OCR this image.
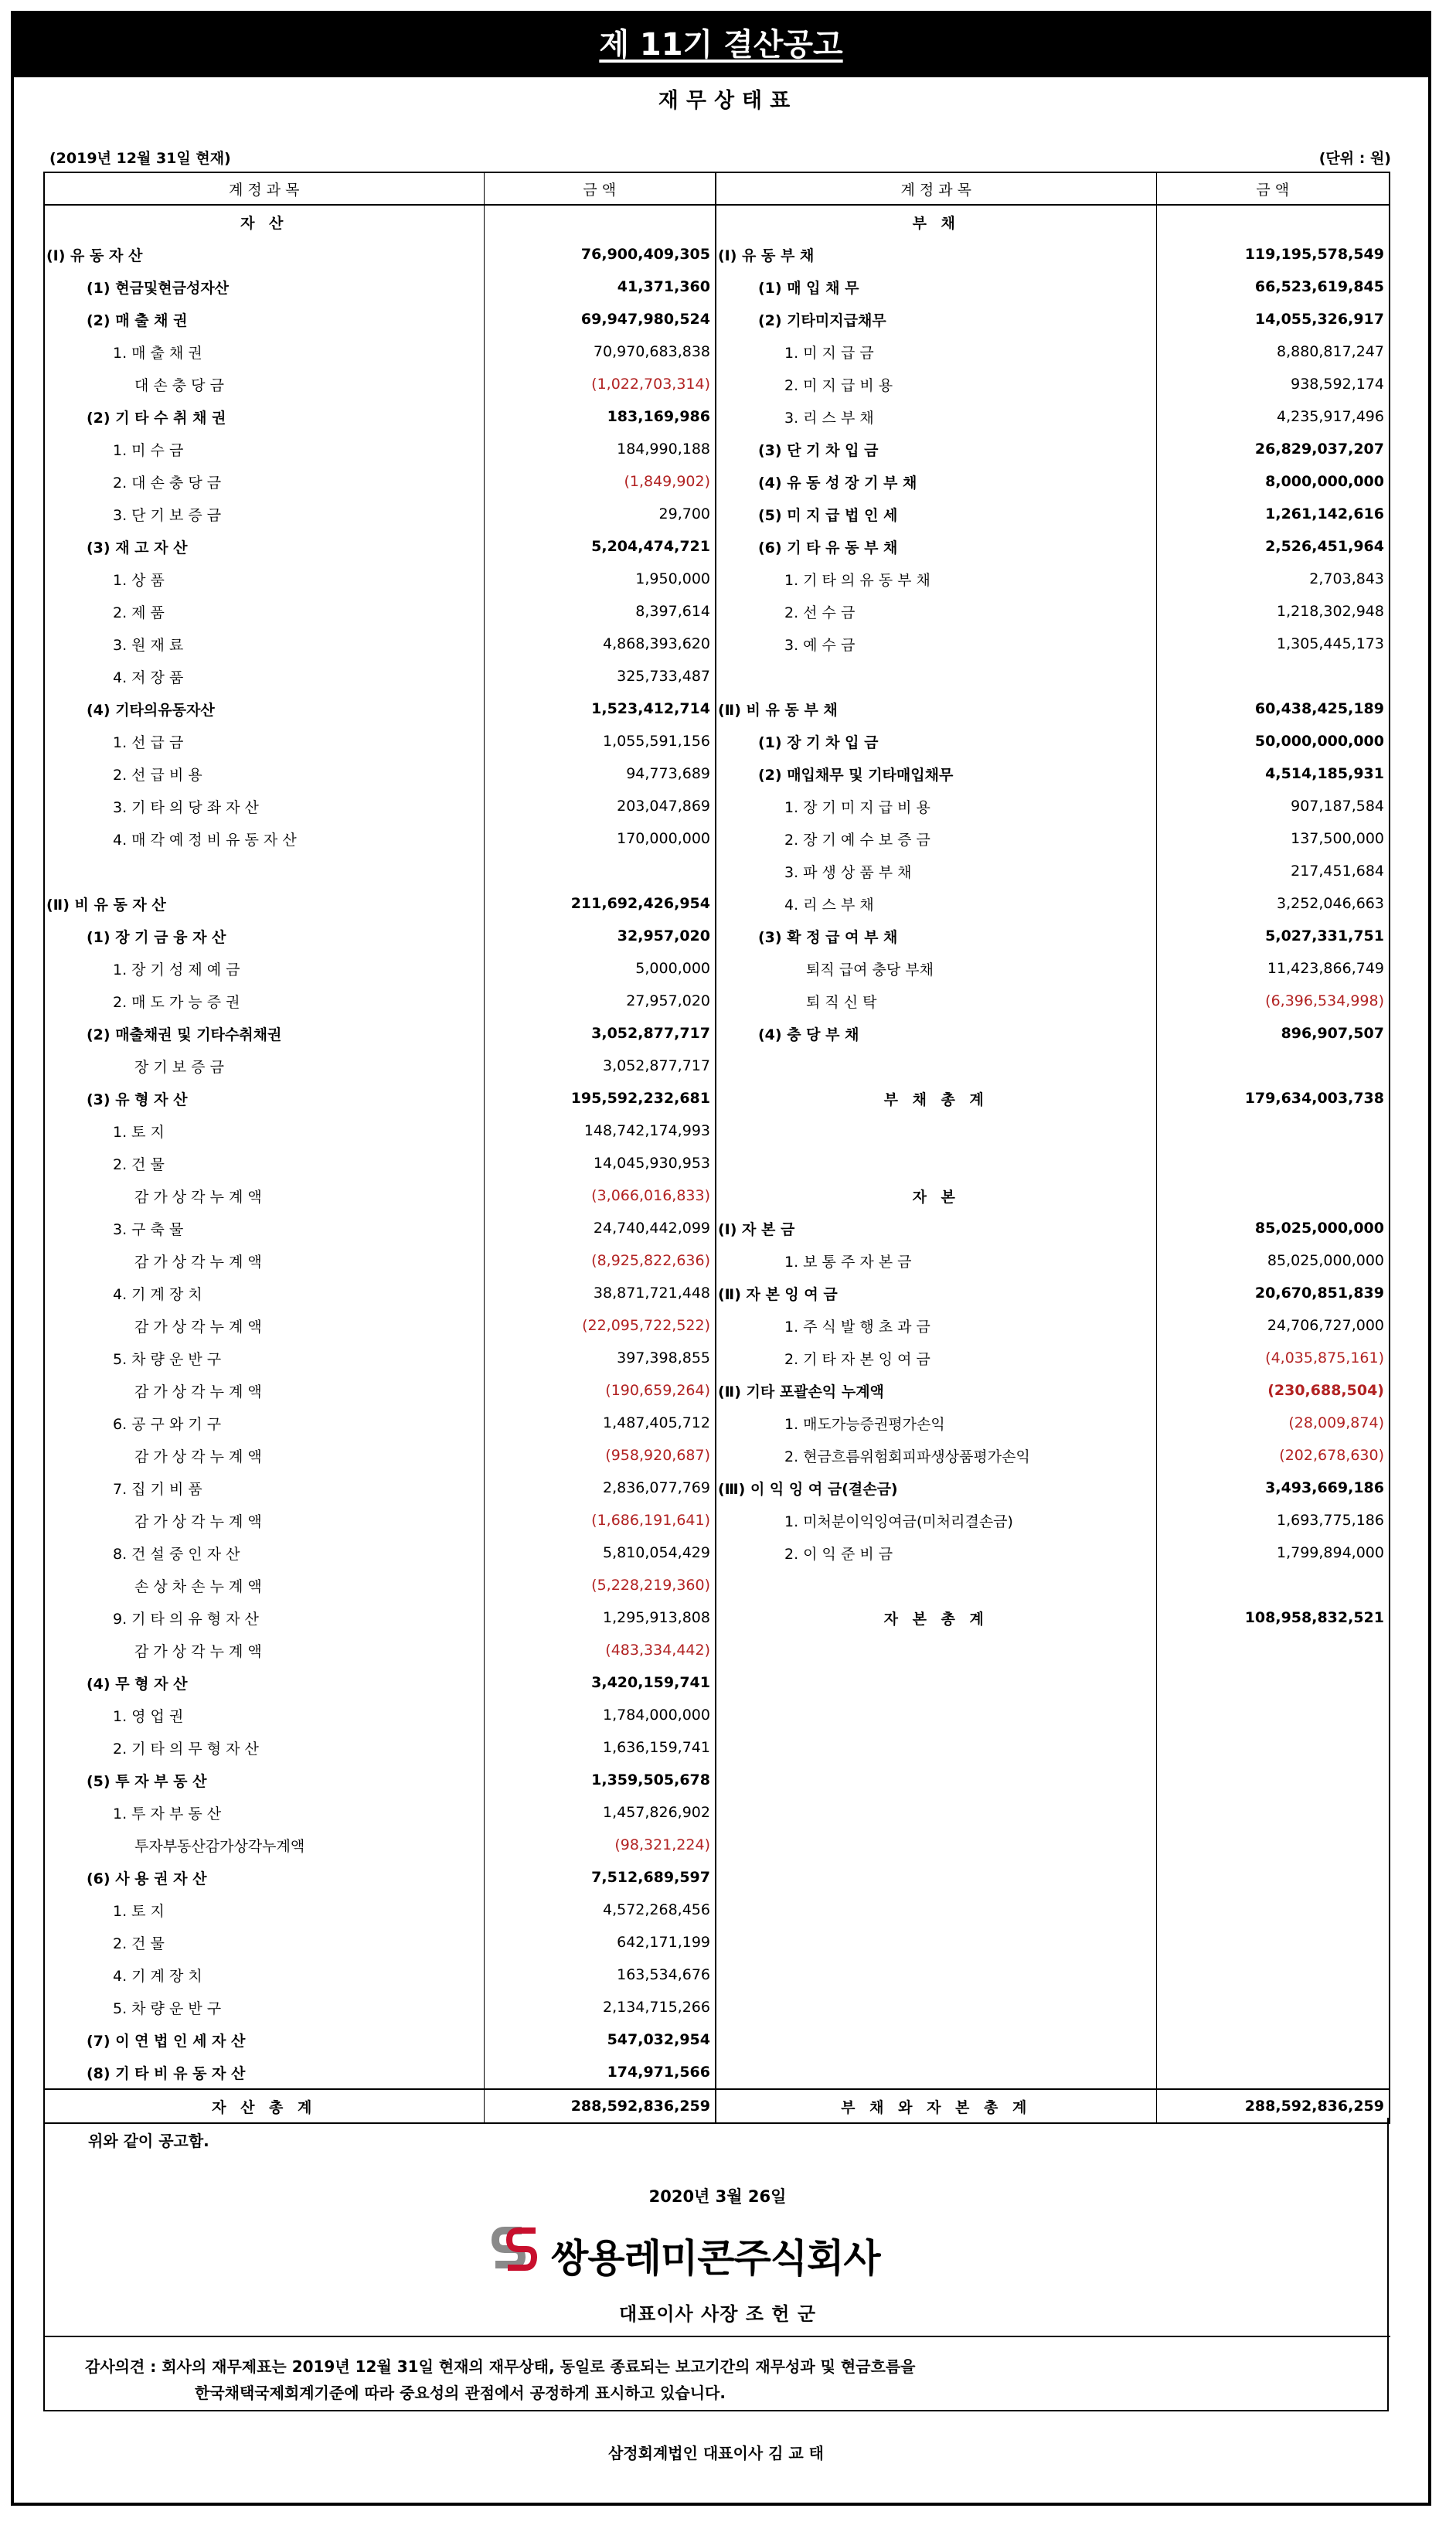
제 11기 결산공고
재무상태표
(2019년 12월 31일 현재)	(단위 : 원)
계 정 과 목	금 액	계 정 과 목	금 액
자 산		부 채	
(Ⅰ) 유 동 자 산	76,900,409,305	(Ⅰ) 유 동 부 채	119,195,578,549
(1) 현금및현금성자산	41,371,360	(1) 매 입 채 무	66,523,619,845
(2) 매 출 채 권	69,947,980,524	(2) 기타미지급채무	14,055,326,917
1. 매 출 채 권	70,970,683,838	1. 미 지 급 금	8,880,817,247
대 손 충 당 금	(1,022,703,314)	2. 미 지 급 비 용	938,592,174
(2) 기 타 수 취 채 권	183,169,986	3. 리 스 부 채	4,235,917,496
1. 미 수 금	184,990,188	(3) 단 기 차 입 금	26,829,037,207
2. 대 손 충 당 금	(1,849,902)	(4) 유 동 성 장 기 부 채	8,000,000,000
3. 단 기 보 증 금	29,700	(5) 미 지 급 법 인 세	1,261,142,616
(3) 재 고 자 산	5,204,474,721	(6) 기 타 유 동 부 채	2,526,451,964
1. 상 품	1,950,000	1. 기 타 의 유 동 부 채	2,703,843
2. 제 품	8,397,614	2. 선 수 금	1,218,302,948
3. 원 재 료	4,868,393,620	3. 예 수 금	1,305,445,173
4. 저 장 품	325,733,487		
(4) 기타의유동자산	1,523,412,714	(Ⅱ) 비 유 동 부 채	60,438,425,189
1. 선 급 금	1,055,591,156	(1) 장 기 차 입 금	50,000,000,000
2. 선 급 비 용	94,773,689	(2) 매입채무 및 기타매입채무	4,514,185,931
3. 기 타 의 당 좌 자 산	203,047,869	1. 장 기 미 지 급 비 용	907,187,584
4. 매 각 예 정 비 유 동 자 산	170,000,000	2. 장 기 예 수 보 증 금	137,500,000
		3. 파 생 상 품 부 채	217,451,684
(Ⅱ) 비 유 동 자 산	211,692,426,954	4. 리 스 부 채	3,252,046,663
(1) 장 기 금 융 자 산	32,957,020	(3) 확 정 급 여 부 채	5,027,331,751
1. 장 기 성 제 예 금	5,000,000	퇴직 급여 충당 부채	11,423,866,749
2. 매 도 가 능 증 권	27,957,020	퇴 직 신 탁	(6,396,534,998)
(2) 매출채권 및 기타수취채권	3,052,877,717	(4) 충 당 부 채	896,907,507
장 기 보 증 금	3,052,877,717		
(3) 유 형 자 산	195,592,232,681	부 채 총 계	179,634,003,738
1. 토 지	148,742,174,993		
2. 건 물	14,045,930,953		
감 가 상 각 누 계 액	(3,066,016,833)	자 본	
3. 구 축 물	24,740,442,099	(Ⅰ) 자 본 금	85,025,000,000
감 가 상 각 누 계 액	(8,925,822,636)	1. 보 통 주 자 본 금	85,025,000,000
4. 기 계 장 치	38,871,721,448	(Ⅱ) 자 본 잉 여 금	20,670,851,839
감 가 상 각 누 계 액	(22,095,722,522)	1. 주 식 발 행 초 과 금	24,706,727,000
5. 차 량 운 반 구	397,398,855	2. 기 타 자 본 잉 여 금	(4,035,875,161)
감 가 상 각 누 계 액	(190,659,264)	(Ⅱ) 기타 포괄손익 누계액	(230,688,504)
6. 공 구 와 기 구	1,487,405,712	1. 매도가능증권평가손익	(28,009,874)
감 가 상 각 누 계 액	(958,920,687)	2. 현금흐름위험회피파생상품평가손익	(202,678,630)
7. 집 기 비 품	2,836,077,769	(Ⅲ) 이 익 잉 여 금(결손금)	3,493,669,186
감 가 상 각 누 계 액	(1,686,191,641)	1. 미처분이익잉여금(미처리결손금)	1,693,775,186
8. 건 설 중 인 자 산	5,810,054,429	2. 이 익 준 비 금	1,799,894,000
손 상 차 손 누 계 액	(5,228,219,360)		
9. 기 타 의 유 형 자 산	1,295,913,808	자 본 총 계	108,958,832,521
감 가 상 각 누 계 액	(483,334,442)		
(4) 무 형 자 산	3,420,159,741		
1. 영 업 권	1,784,000,000		
2. 기 타 의 무 형 자 산	1,636,159,741		
(5) 투 자 부 동 산	1,359,505,678		
1. 투 자 부 동 산	1,457,826,902		
투자부동산감가상각누계액	(98,321,224)		
(6) 사 용 권 자 산	7,512,689,597		
1. 토 지	4,572,268,456		
2. 건 물	642,171,199		
4. 기 계 장 치	163,534,676		
5. 차 량 운 반 구	2,134,715,266		
(7) 이 연 법 인 세 자 산	547,032,954		
(8) 기 타 비 유 동 자 산	174,971,566		
자 산 총 계	288,592,836,259	부 채 와 자 본 총 계	288,592,836,259
위와 같이 공고함.
2020년 3월 26일
쌍용레미콘주식회사
대표이사 사장 조 헌 군
감사의견 : 회사의 재무제표는 2019년 12월 31일 현재의 재무상태, 동일로 종료되는 보고기간의 재무성과 및 현금흐름을
한국채택국제회계기준에 따라 중요성의 관점에서 공정하게 표시하고 있습니다.
삼정회계법인 대표이사 김 교 태
